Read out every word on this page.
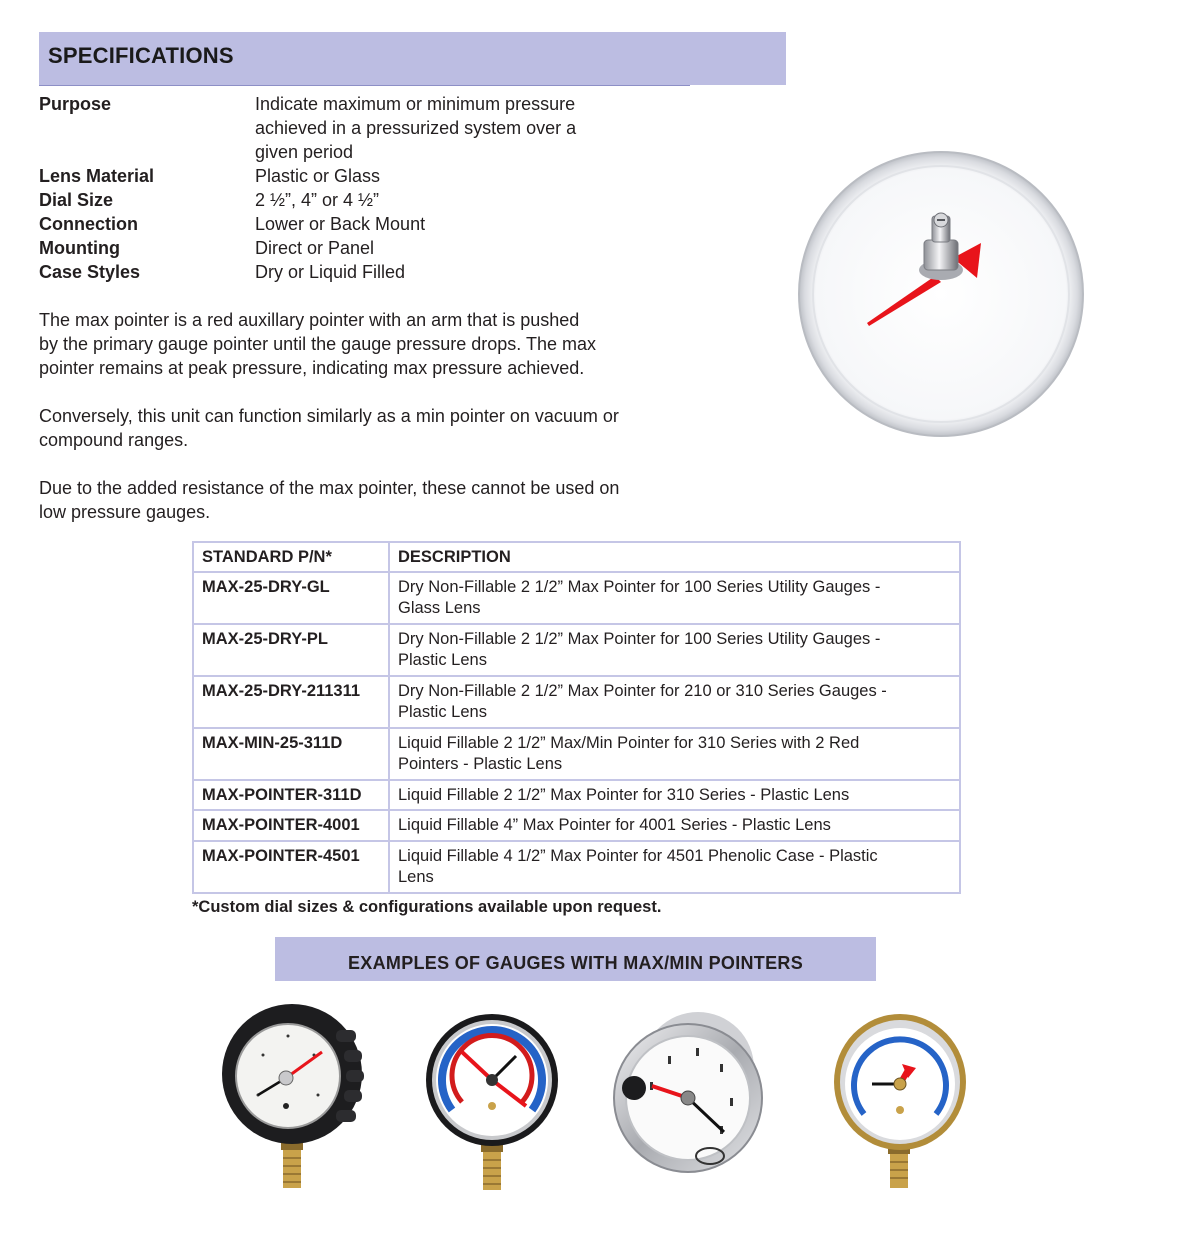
SPECIFICATIONS
Purpose	Indicate maximum or minimum pressure
achieved in a pressurized system over a
given period
Lens Material	Plastic or Glass
Dial Size	2 ½”, 4” or 4 ½”
Connection	Lower or Back Mount
Mounting	Direct or Panel
Case Styles	Dry or Liquid Filled
The max pointer is a red auxillary pointer with an arm that is pushed
by the primary gauge pointer until the gauge pressure drops. The max
pointer remains at peak pressure, indicating max pressure achieved.
Conversely, this unit can function similarly as a min pointer on vacuum or
compound ranges.
Due to the added resistance of the max pointer, these cannot be used on
low pressure gauges.
STANDARD P/N*	DESCRIPTION
MAX-25-DRY-GL	Dry Non-Fillable 2 1/2” Max Pointer for 100 Series Utility Gauges -
Glass Lens

MAX-25-DRY-PL	Dry Non-Fillable 2 1/2” Max Pointer for 100 Series Utility Gauges -
Plastic Lens

MAX-25-DRY-211311	Dry Non-Fillable 2 1/2” Max Pointer for 210 or 310 Series Gauges -
Plastic Lens

MAX-MIN-25-311D	Liquid Fillable 2 1/2” Max/Min Pointer for 310 Series with 2 Red
Pointers - Plastic Lens

MAX-POINTER-311D	Liquid Fillable 2 1/2” Max Pointer for 310 Series - Plastic Lens

MAX-POINTER-4001	Liquid Fillable 4” Max Pointer for 4001 Series - Plastic Lens

MAX-POINTER-4501	Liquid Fillable 4 1/2” Max Pointer for 4501 Phenolic Case - Plastic
Lens
*Custom dial sizes & configurations available upon request.
EXAMPLES OF GAUGES WITH MAX/MIN POINTERS
